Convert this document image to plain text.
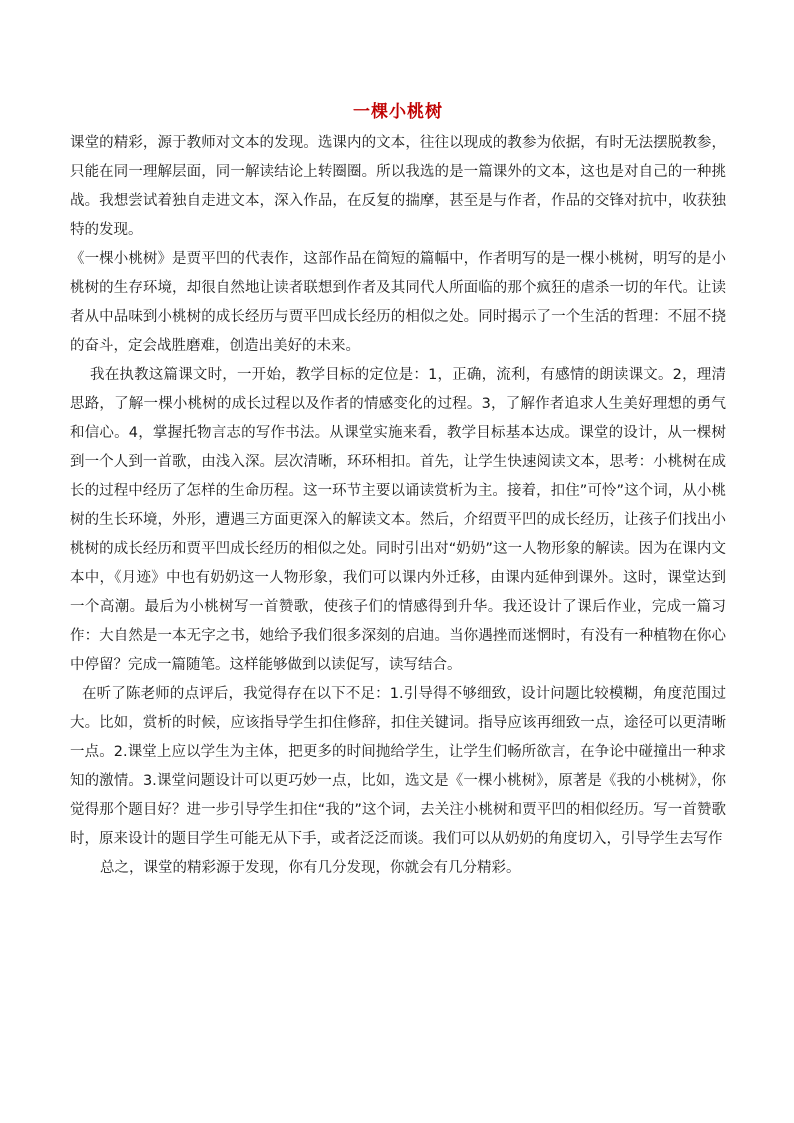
一棵小桃树

课堂的精彩，源于教师对文本的发现。选课内的文本，往往以现成的教参为依据，有时无法摆脱教参，只能在同一理解层面，同一解读结论上转圈圈。所以我选的是一篇课外的文本，这也是对自己的一种挑战。我想尝试着独自走进文本，深入作品，在反复的揣摩，甚至是与作者，作品的交锋对抗中，收获独特的发现。

《一棵小桃树》是贾平凹的代表作，这部作品在简短的篇幅中，作者明写的是一棵小桃树，明写的是小桃树的生存环境，却很自然地让读者联想到作者及其同代人所面临的那个疯狂的虐杀一切的年代。让读者从中品味到小桃树的成长经历与贾平凹成长经历的相似之处。同时揭示了一个生活的哲理：不屈不挠的奋斗，定会战胜磨难，创造出美好的未来。

我在执教这篇课文时，一开始，教学目标的定位是：1，正确，流利，有感情的朗读课文。2，理清思路，了解一棵小桃树的成长过程以及作者的情感变化的过程。3，了解作者追求人生美好理想的勇气和信心。4，掌握托物言志的写作书法。从课堂实施来看，教学目标基本达成。课堂的设计，从一棵树到一个人到一首歌，由浅入深。层次清晰，环环相扣。首先，让学生快速阅读文本，思考：小桃树在成长的过程中经历了怎样的生命历程。这一环节主要以诵读赏析为主。接着，扣住”可怜”这个词，从小桃树的生长环境，外形，遭遇三方面更深入的解读文本。然后，介绍贾平凹的成长经历，让孩子们找出小桃树的成长经历和贾平凹成长经历的相似之处。同时引出对“奶奶”这一人物形象的解读。因为在课内文本中，《月迹》中也有奶奶这一人物形象，我们可以课内外迁移，由课内延伸到课外。这时，课堂达到一个高潮。最后为小桃树写一首赞歌，使孩子们的情感得到升华。我还设计了课后作业，完成一篇习作：大自然是一本无字之书，她给予我们很多深刻的启迪。当你遇挫而迷惘时，有没有一种植物在你心中停留？完成一篇随笔。这样能够做到以读促写，读写结合。

在听了陈老师的点评后，我觉得存在以下不足：1.引导得不够细致，设计问题比较模糊，角度范围过大。比如，赏析的时候，应该指导学生扣住修辞，扣住关键词。指导应该再细致一点，途径可以更清晰一点。2.课堂上应以学生为主体，把更多的时间抛给学生，让学生们畅所欲言，在争论中碰撞出一种求知的激情。3.课堂问题设计可以更巧妙一点，比如，选文是《一棵小桃树》，原著是《我的小桃树》，你觉得那个题目好？进一步引导学生扣住“我的”这个词，去关注小桃树和贾平凹的相似经历。写一首赞歌时，原来设计的题目学生可能无从下手，或者泛泛而谈。我们可以从奶奶的角度切入，引导学生去写作

总之，课堂的精彩源于发现，你有几分发现，你就会有几分精彩。
